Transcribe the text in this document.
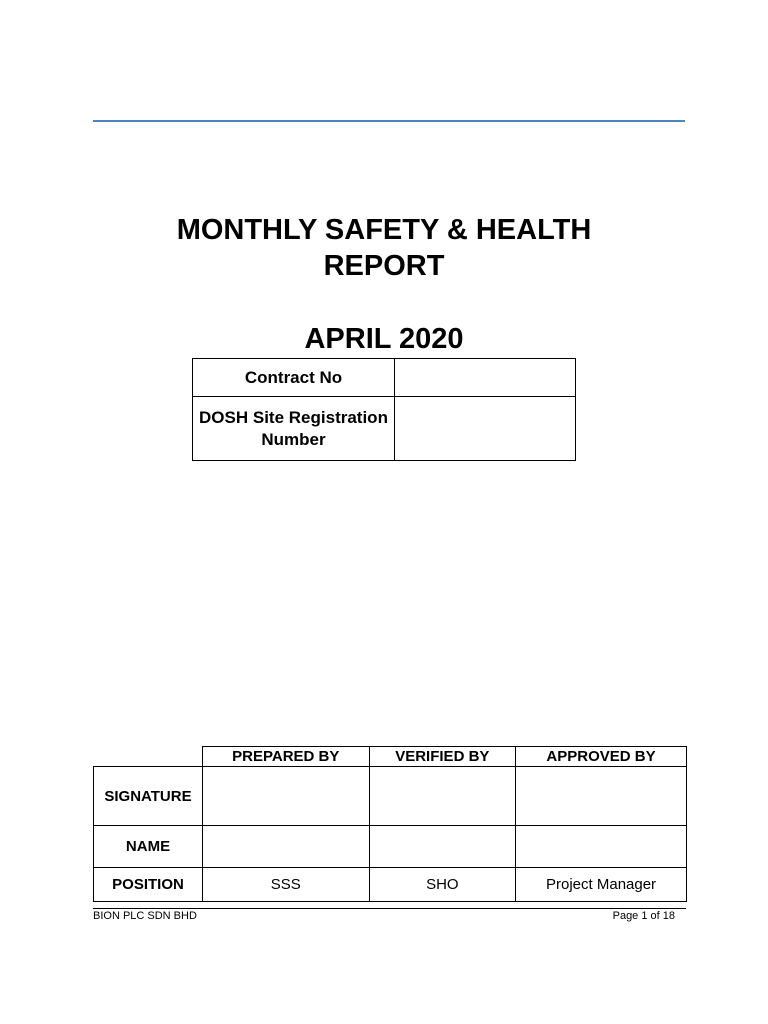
MONTHLY SAFETY & HEALTH
REPORT
APRIL 2020
Contract No	
DOSH Site Registration Number	
	PREPARED BY	VERIFIED BY	APPROVED BY
SIGNATURE			
NAME			
POSITION	SSS	SHO	Project Manager
BION PLC SDN BHD	Page 1 of 18
